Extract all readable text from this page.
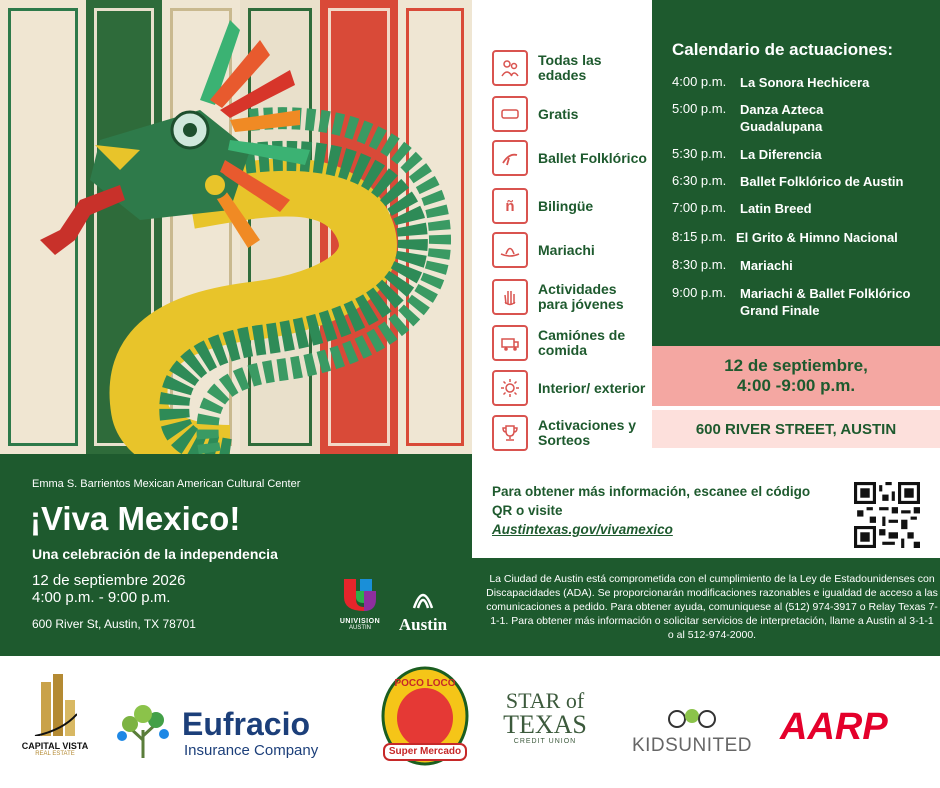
Todas las edades
Gratis
Ballet Folklórico
ñ Bilingüe
Mariachi
Actividades para jóvenes
Camiónes de comida
Interior/ exterior
Activaciones y Sorteos
Calendario de actuaciones:
4:00 p.m.	La Sonora Hechicera
5:00 p.m.	Danza Azteca Guadalupana
5:30 p.m.	La Diferencia
6:30 p.m.	Ballet Folklórico de Austin
7:00 p.m.	Latin Breed
8:15 p.m. El Grito & Himno Nacional
8:30 p.m.	Mariachi
9:00 p.m.	Mariachi & Ballet Folklórico Grand Finale
12 de septiembre,
4:00 -9:00 p.m.
600 RIVER STREET, AUSTIN
Emma S. Barrientos Mexican American Cultural Center
¡Viva Mexico!
Una celebración de la independencia
12 de septiembre 2026
4:00 p.m. - 9:00 p.m.
600 River St, Austin, TX 78701	UNIVISION
AUSTIN	Austin
Para obtener más información, escanee el código QR o visite
Austintexas.gov/vivamexico
La Ciudad de Austin está comprometida con el cumplimiento de la Ley de Estadounidenses con Discapacidades (ADA). Se proporcionarán modificaciones razonables e igualdad de acceso a las comunicaciones a pedido. Para obtener ayuda, comuniquese al (512) 974-3917 o Relay Texas 7-1-1. Para obtener más información o solicitar servicios de interpretación, llame a Austin al 3-1-1 o al 512-974-2000.
CAPITAL VISTA
REAL ESTATE
Eufracio
Insurance Company
POCO LOCO
Super Mercado
STAR of
TEXAS
CREDIT UNION	KIDSUNITED AARP
